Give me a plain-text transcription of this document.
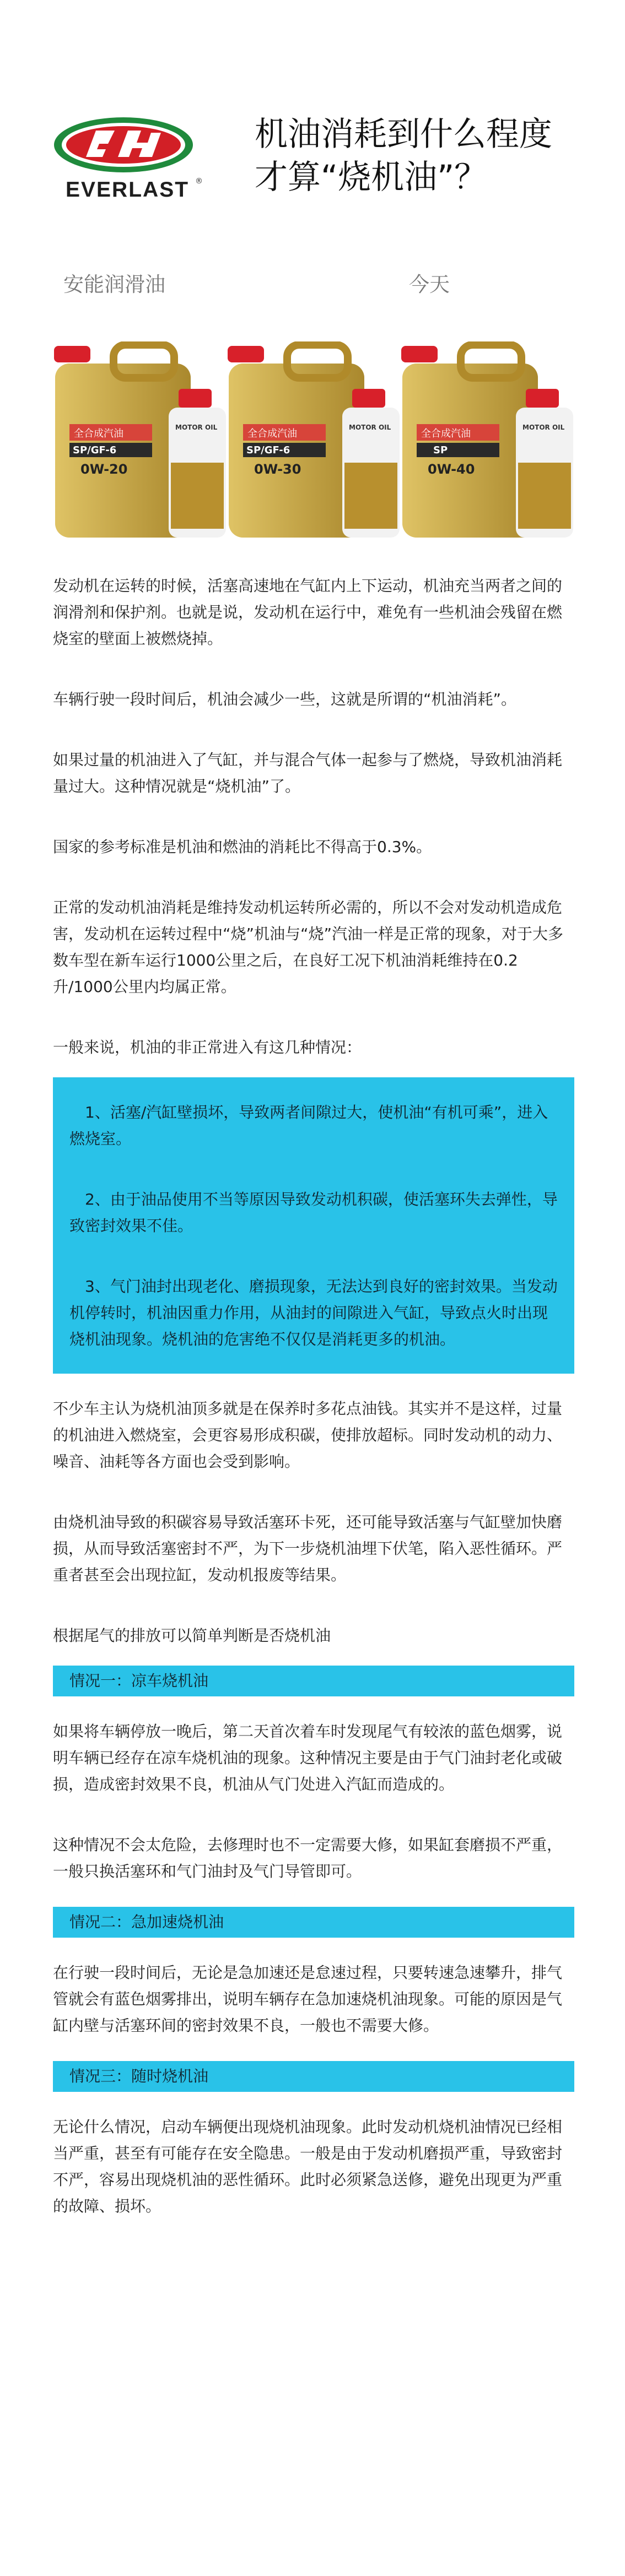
EVERLAST ®
机油消耗到什么程度
才算“烧机油”？
安能润滑油	今天
全合成汽油
SP/GF-6
0W-20
MOTOR OIL
全合成汽油
SP/GF-6
0W-30
MOTOR OIL
全合成汽油
SP
0W-40
MOTOR OIL

发动机在运转的时候，活塞高速地在气缸内上下运动，机油充当两者之间的润滑剂和保护剂。也就是说，发动机在运行中，难免有一些机油会残留在燃烧室的壁面上被燃烧掉。

车辆行驶一段时间后，机油会减少一些，这就是所谓的“机油消耗”。

如果过量的机油进入了气缸，并与混合气体一起参与了燃烧，导致机油消耗量过大。这种情况就是“烧机油”了。

国家的参考标准是机油和燃油的消耗比不得高于0.3%。

正常的发动机油消耗是维持发动机运转所必需的，所以不会对发动机造成危害，发动机在运转过程中“烧”机油与“烧”汽油一样是正常的现象，对于大多数车型在新车运行1000公里之后，在良好工况下机油消耗维持在0.2升/1000公里内均属正常。

一般来说，机油的非正常进入有这几种情况：

1、活塞/汽缸壁损坏，导致两者间隙过大，使机油“有机可乘”，进入燃烧室。

2、由于油品使用不当等原因导致发动机积碳，使活塞环失去弹性，导致密封效果不佳。

3、气门油封出现老化、磨损现象，无法达到良好的密封效果。当发动机停转时，机油因重力作用，从油封的间隙进入气缸，导致点火时出现烧机油现象。烧机油的危害绝不仅仅是消耗更多的机油。

不少车主认为烧机油顶多就是在保养时多花点油钱。其实并不是这样，过量的机油进入燃烧室，会更容易形成积碳，使排放超标。同时发动机的动力、噪音、油耗等各方面也会受到影响。

由烧机油导致的积碳容易导致活塞环卡死，还可能导致活塞与气缸壁加快磨损，从而导致活塞密封不严，为下一步烧机油埋下伏笔，陷入恶性循环。严重者甚至会出现拉缸，发动机报废等结果。

根据尾气的排放可以简单判断是否烧机油

情况一：凉车烧机油

如果将车辆停放一晚后，第二天首次着车时发现尾气有较浓的蓝色烟雾，说明车辆已经存在凉车烧机油的现象。这种情况主要是由于气门油封老化或破损，造成密封效果不良，机油从气门处进入汽缸而造成的。

这种情况不会太危险，去修理时也不一定需要大修，如果缸套磨损不严重，一般只换活塞环和气门油封及气门导管即可。

情况二：急加速烧机油

在行驶一段时间后，无论是急加速还是怠速过程，只要转速急速攀升，排气管就会有蓝色烟雾排出，说明车辆存在急加速烧机油现象。可能的原因是气缸内壁与活塞环间的密封效果不良，一般也不需要大修。

情况三：随时烧机油

无论什么情况，启动车辆便出现烧机油现象。此时发动机烧机油情况已经相当严重，甚至有可能存在安全隐患。一般是由于发动机磨损严重，导致密封不严，容易出现烧机油的恶性循环。此时必须紧急送修，避免出现更为严重的故障、损坏。
